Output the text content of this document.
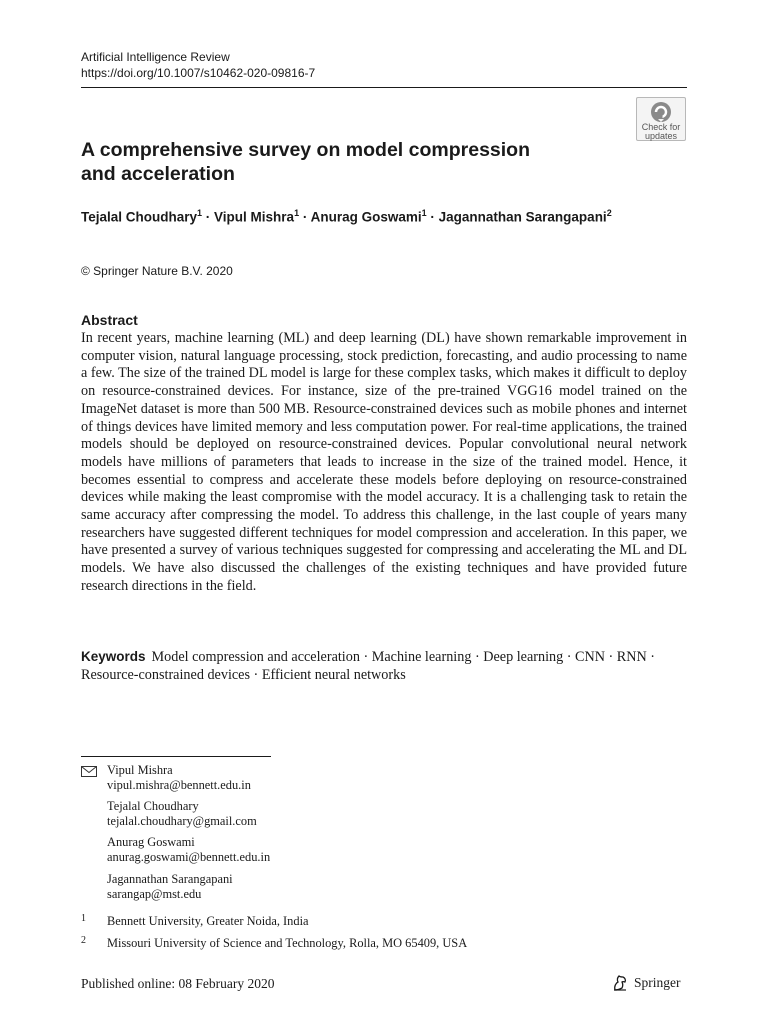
Artificial Intelligence Review
https://doi.org/10.1007/s10462-020-09816-7
Check for
updates
A comprehensive survey on model compression
and acceleration
Tejalal Choudhary$^1$ · Vipul Mishra$^1$ · Anurag Goswami$^1$ · Jagannathan Sarangapani$^2$
© Springer Nature B.V. 2020
Abstract
In recent years, machine learning (ML) and deep learning (DL) have shown remarkable improvement in computer vision, natural language processing, stock prediction, forecasting, and audio processing to name a few. The size of the trained DL model is large for these complex tasks, which makes it difficult to deploy on resource-constrained devices. For instance, size of the pre-trained VGG16 model trained on the ImageNet dataset is more than 500 MB. Resource-constrained devices such as mobile phones and internet of things devices have limited memory and less computation power. For real-time applications, the trained models should be deployed on resource-constrained devices. Popular convolutional neural network models have millions of parameters that leads to increase in the size of the trained model. Hence, it becomes essential to compress and accelerate these models before deploying on resource-constrained devices while making the least compromise with the model accuracy. It is a challenging task to retain the same accuracy after compressing the model. To address this challenge, in the last couple of years many researchers have suggested different techniques for model compression and acceleration. In this paper, we have presented a survey of various techniques suggested for compressing and accelerating the ML and DL models. We have also discussed the challenges of the existing techniques and have provided future research directions in the field.
Keywords Model compression and acceleration · Machine learning · Deep learning · CNN · RNN · Resource-constrained devices · Efficient neural networks
Vipul Mishra
vipul.mishra@bennett.edu.in
Tejalal Choudhary
tejalal.choudhary@gmail.com
Anurag Goswami
anurag.goswami@bennett.edu.in
Jagannathan Sarangapani
sarangap@mst.edu
1 Bennett University, Greater Noida, India
2 Missouri University of Science and Technology, Rolla, MO 65409, USA
Published online: 08 February 2020	Springer
